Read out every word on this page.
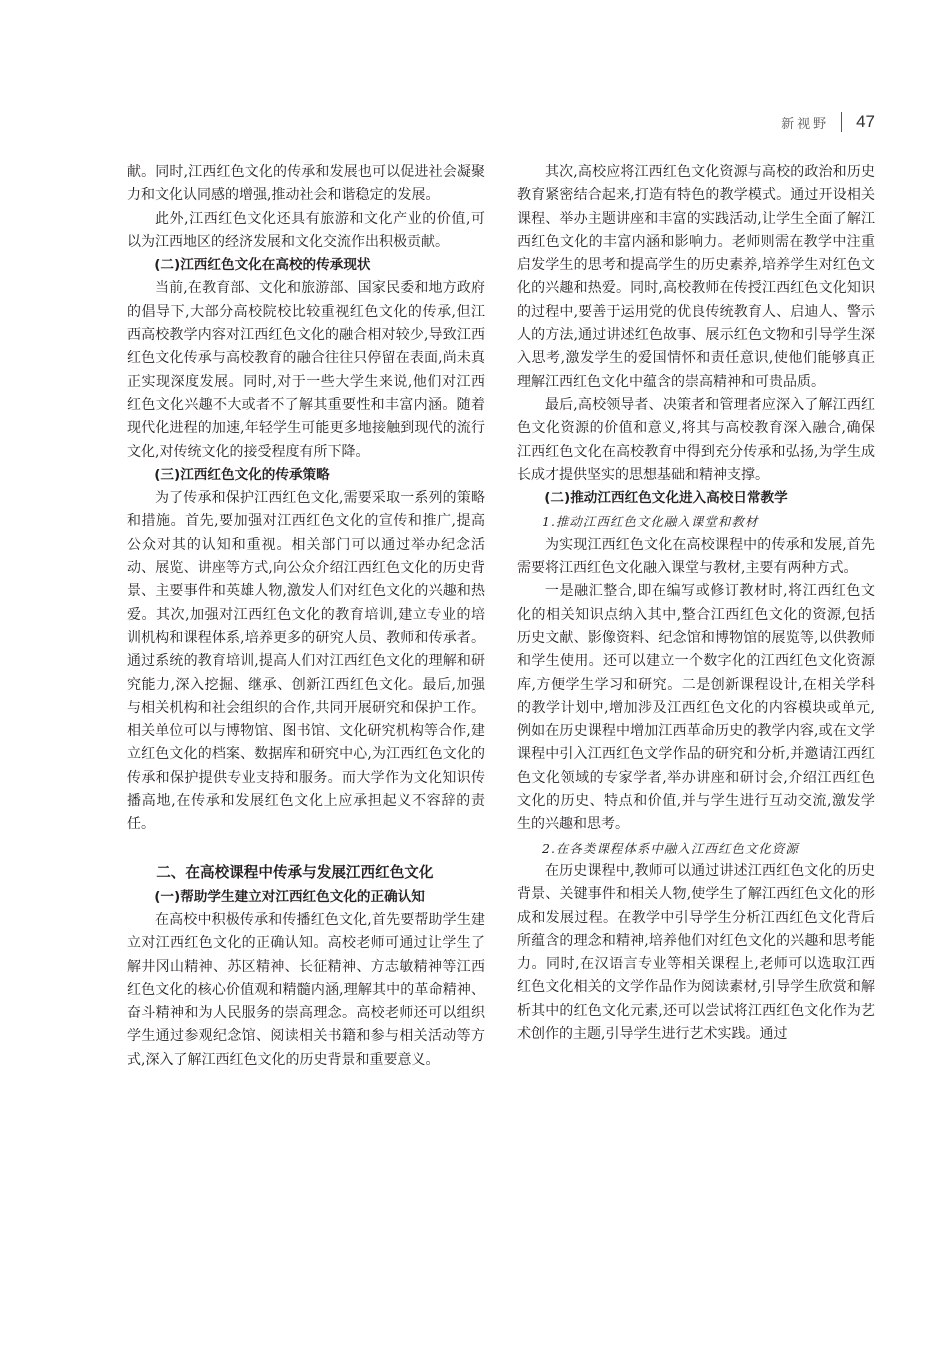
新视野 47

献。同时,江西红色文化的传承和发展也可以促进社会凝聚力和文化认同感的增强,推动社会和谐稳定的发展。

此外,江西红色文化还具有旅游和文化产业的价值,可以为江西地区的经济发展和文化交流作出积极贡献。

(二)江西红色文化在高校的传承现状

当前,在教育部、文化和旅游部、国家民委和地方政府的倡导下,大部分高校院校比较重视红色文化的传承,但江西高校教学内容对江西红色文化的融合相对较少,导致江西红色文化传承与高校教育的融合往往只停留在表面,尚未真正实现深度发展。同时,对于一些大学生来说,他们对江西红色文化兴趣不大或者不了解其重要性和丰富内涵。随着现代化进程的加速,年轻学生可能更多地接触到现代的流行文化,对传统文化的接受程度有所下降。

(三)江西红色文化的传承策略

为了传承和保护江西红色文化,需要采取一系列的策略和措施。首先,要加强对江西红色文化的宣传和推广,提高公众对其的认知和重视。相关部门可以通过举办纪念活动、展览、讲座等方式,向公众介绍江西红色文化的历史背景、主要事件和英雄人物,激发人们对红色文化的兴趣和热爱。其次,加强对江西红色文化的教育培训,建立专业的培训机构和课程体系,培养更多的研究人员、教师和传承者。通过系统的教育培训,提高人们对江西红色文化的理解和研究能力,深入挖掘、继承、创新江西红色文化。最后,加强与相关机构和社会组织的合作,共同开展研究和保护工作。相关单位可以与博物馆、图书馆、文化研究机构等合作,建立红色文化的档案、数据库和研究中心,为江西红色文化的传承和保护提供专业支持和服务。而大学作为文化知识传播高地,在传承和发展红色文化上应承担起义不容辞的责任。

二、在高校课程中传承与发展江西红色文化
(一)帮助学生建立对江西红色文化的正确认知

在高校中积极传承和传播红色文化,首先要帮助学生建立对江西红色文化的正确认知。高校老师可通过让学生了解井冈山精神、苏区精神、长征精神、方志敏精神等江西红色文化的核心价值观和精髓内涵,理解其中的革命精神、奋斗精神和为人民服务的崇高理念。高校老师还可以组织学生通过参观纪念馆、阅读相关书籍和参与相关活动等方式,深入了解江西红色文化的历史背景和重要意义。

其次,高校应将江西红色文化资源与高校的政治和历史教育紧密结合起来,打造有特色的教学模式。通过开设相关课程、举办主题讲座和丰富的实践活动,让学生全面了解江西红色文化的丰富内涵和影响力。老师则需在教学中注重启发学生的思考和提高学生的历史素养,培养学生对红色文化的兴趣和热爱。同时,高校教师在传授江西红色文化知识的过程中,要善于运用党的优良传统教育人、启迪人、警示人的方法,通过讲述红色故事、展示红色文物和引导学生深入思考,激发学生的爱国情怀和责任意识,使他们能够真正理解江西红色文化中蕴含的崇高精神和可贵品质。

最后,高校领导者、决策者和管理者应深入了解江西红色文化资源的价值和意义,将其与高校教育深入融合,确保江西红色文化在高校教育中得到充分传承和弘扬,为学生成长成才提供坚实的思想基础和精神支撑。

(二)推动江西红色文化进入高校日常教学
1.推动江西红色文化融入课堂和教材

为实现江西红色文化在高校课程中的传承和发展,首先需要将江西红色文化融入课堂与教材,主要有两种方式。

一是融汇整合,即在编写或修订教材时,将江西红色文化的相关知识点纳入其中,整合江西红色文化的资源,包括历史文献、影像资料、纪念馆和博物馆的展览等,以供教师和学生使用。还可以建立一个数字化的江西红色文化资源库,方便学生学习和研究。二是创新课程设计,在相关学科的教学计划中,增加涉及江西红色文化的内容模块或单元,例如在历史课程中增加江西革命历史的教学内容,或在文学课程中引入江西红色文学作品的研究和分析,并邀请江西红色文化领域的专家学者,举办讲座和研讨会,介绍江西红色文化的历史、特点和价值,并与学生进行互动交流,激发学生的兴趣和思考。

2.在各类课程体系中融入江西红色文化资源

在历史课程中,教师可以通过讲述江西红色文化的历史背景、关键事件和相关人物,使学生了解江西红色文化的形成和发展过程。在教学中引导学生分析江西红色文化背后所蕴含的理念和精神,培养他们对红色文化的兴趣和思考能力。同时,在汉语言专业等相关课程上,老师可以选取江西红色文化相关的文学作品作为阅读素材,引导学生欣赏和解析其中的红色文化元素,还可以尝试将江西红色文化作为艺术创作的主题,引导学生进行艺术实践。通过
